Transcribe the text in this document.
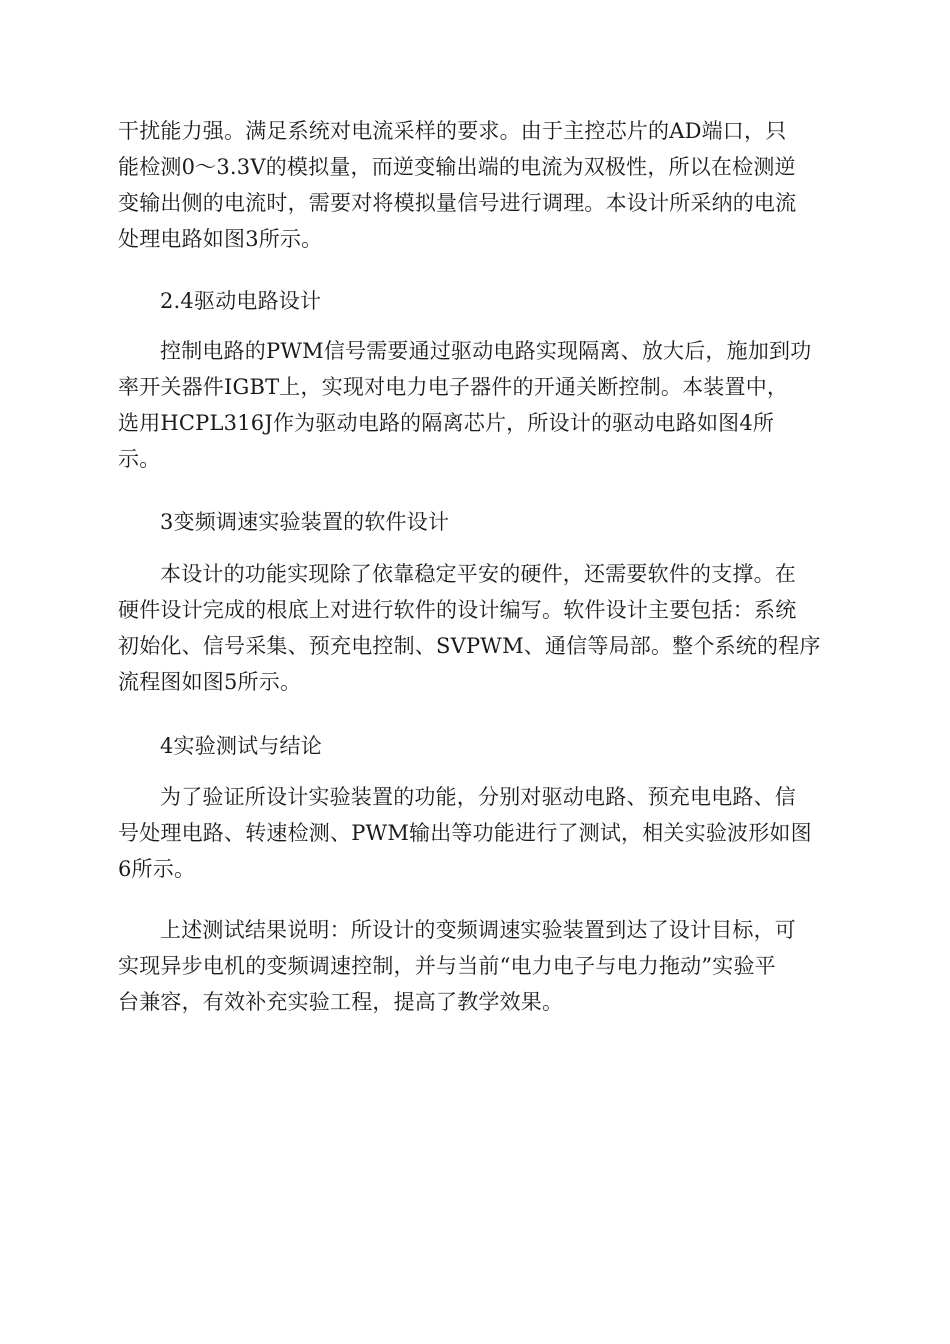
干扰能力强。满足系统对电流采样的要求。由于主控芯片的AD端口，只
能检测0～3.3V的模拟量，而逆变输出端的电流为双极性，所以在检测逆
变输出侧的电流时，需要对将模拟量信号进行调理。本设计所采纳的电流
处理电路如图3所示。
2.4驱动电路设计
控制电路的PWM信号需要通过驱动电路实现隔离、放大后，施加到功
率开关器件IGBT上，实现对电力电子器件的开通关断控制。本装置中，
选用HCPL316J作为驱动电路的隔离芯片，所设计的驱动电路如图4所
示。
3变频调速实验装置的软件设计
本设计的功能实现除了依靠稳定平安的硬件，还需要软件的支撑。在
硬件设计完成的根底上对进行软件的设计编写。软件设计主要包括：系统
初始化、信号采集、预充电控制、SVPWM、通信等局部。整个系统的程序
流程图如图5所示。
4实验测试与结论
为了验证所设计实验装置的功能，分别对驱动电路、预充电电路、信
号处理电路、转速检测、PWM输出等功能进行了测试，相关实验波形如图
6所示。
上述测试结果说明：所设计的变频调速实验装置到达了设计目标，可
实现异步电机的变频调速控制，并与当前“电力电子与电力拖动”实验平
台兼容，有效补充实验工程，提高了教学效果。
